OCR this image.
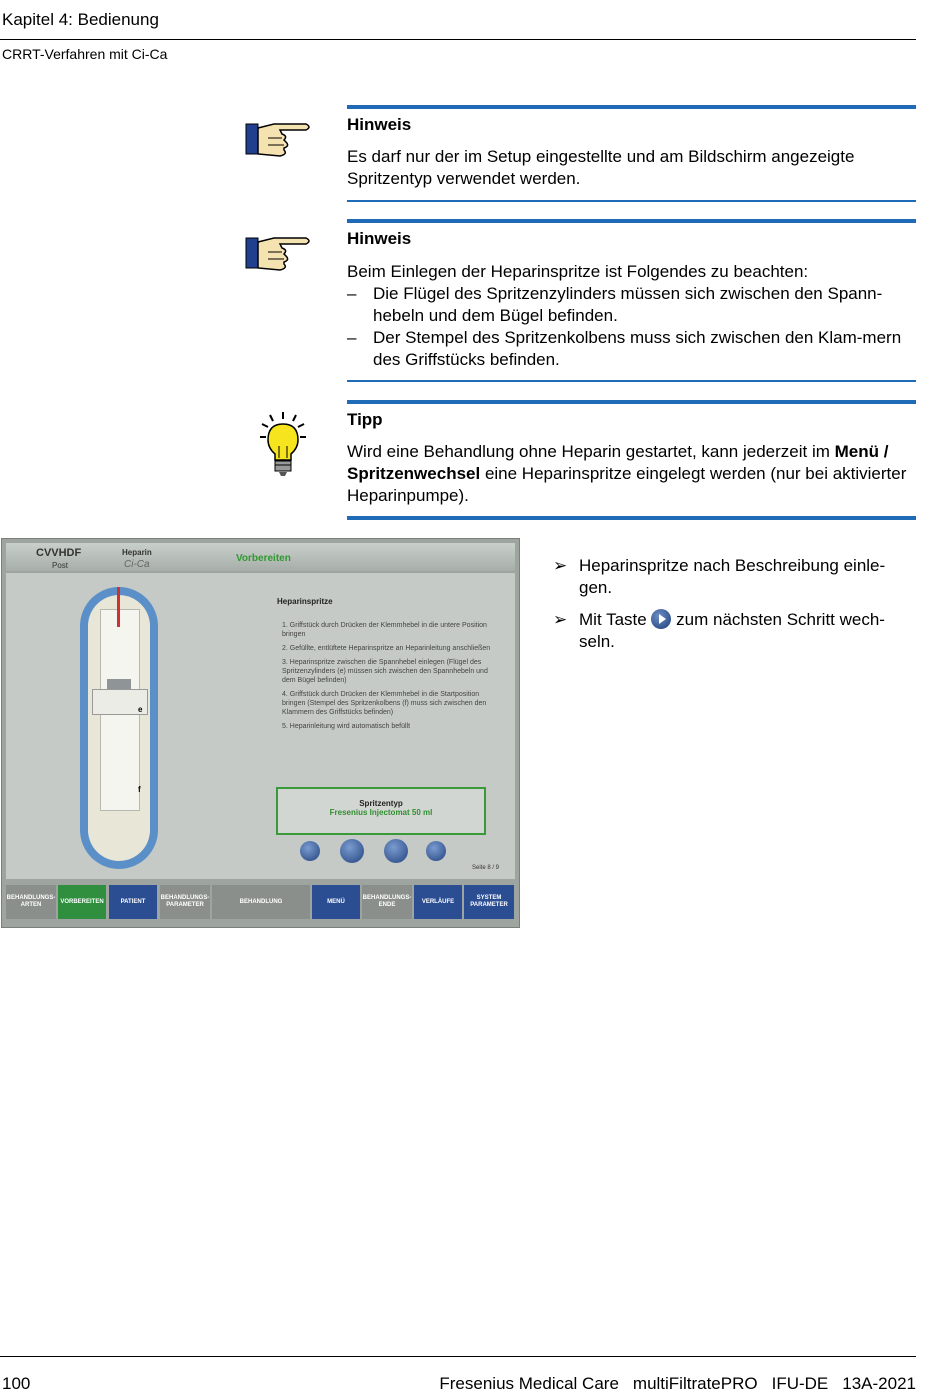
Kapitel 4: Bedienung
CRRT-Verfahren mit Ci-Ca
Hinweis
Es darf nur der im Setup eingestellte und am Bildschirm angezeigte Spritzentyp verwendet werden.
Hinweis
Beim Einlegen der Heparinspritze ist Folgendes zu beachten:
– Die Flügel des Spritzenzylinders müssen sich zwischen den Spann-hebeln und dem Bügel befinden.
– Der Stempel des Spritzenkolbens muss sich zwischen den Klam-mern des Griffstücks befinden.
Tipp
Wird eine Behandlung ohne Heparin gestartet, kann jederzeit im Menü / Spritzenwechsel eine Heparinspritze eingelegt werden (nur bei aktivierter Heparinpumpe).
CVVHDF
Post
Heparin
Ci-Ca
Vorbereiten
e
f
Heparinspritze
1. Griffstück durch Drücken der Klemmhebel in die untere Position bringen
2. Gefüllte, entlüftete Heparinspritze an Heparinleitung anschließen
3. Heparinspritze zwischen die Spannhebel einlegen (Flügel des Spritzenzylinders (e) müssen sich zwischen den Spannhebeln und dem Bügel befinden)
4. Griffstück durch Drücken der Klemmhebel in die Startposition bringen (Stempel des Spritzenkolbens (f) muss sich zwischen den Klammern des Griffstücks befinden)
5. Heparinleitung wird automatisch befüllt
Spritzentyp
Fresenius Injectomat 50 ml
Seite 8 / 9
BEHANDLUNGS-ARTEN
VORBEREITEN	PATIENT
BEHANDLUNGS-PARAMETER
BEHANDLUNG	MENÜ
BEHANDLUNGS-ENDE
VERLÄUFE
SYSTEM PARAMETER
➢ Heparinspritze nach Beschreibung einle-gen.
➢ Mit Taste  zum nächsten Schritt wech-seln.
100	Fresenius Medical Care multiFiltratePRO IFU-DE 13A-2021
